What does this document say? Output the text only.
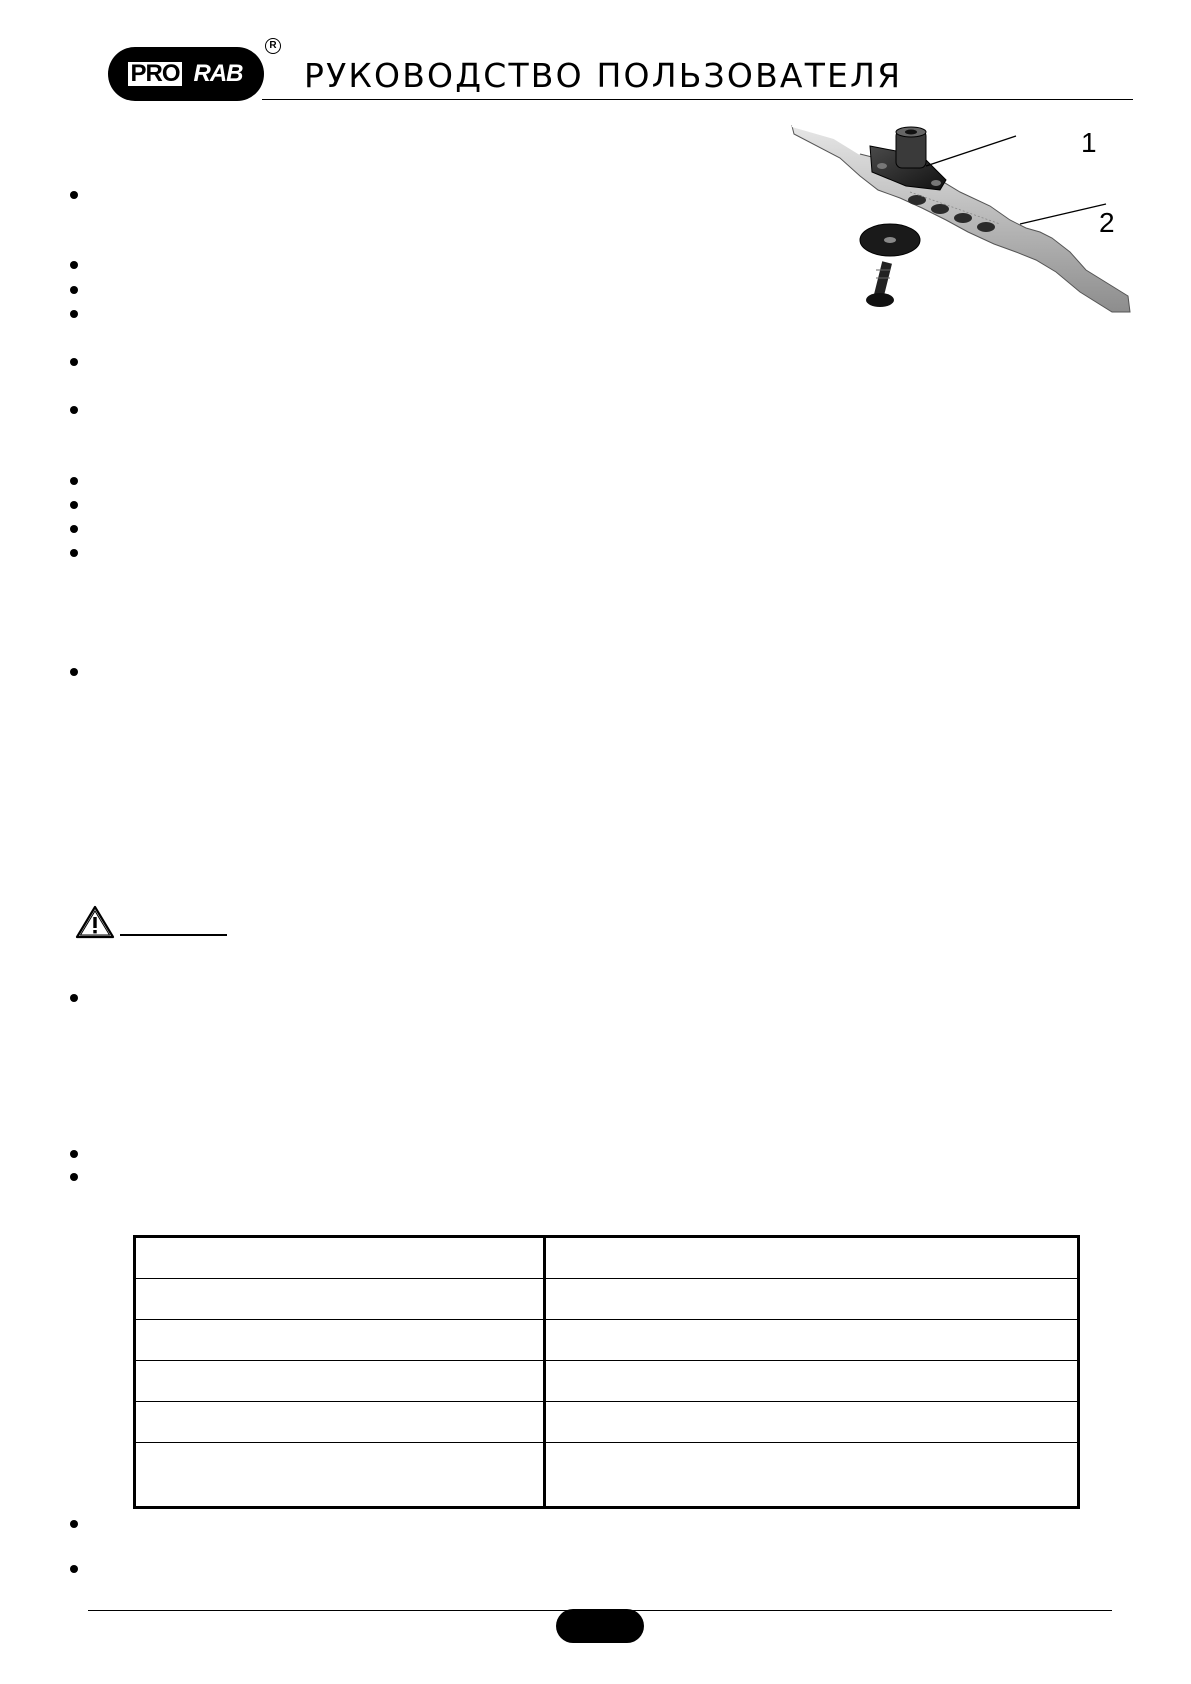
PRO RAB
R
РУКОВОДСТВО ПОЛЬЗОВАТЕЛЯ
1
2
